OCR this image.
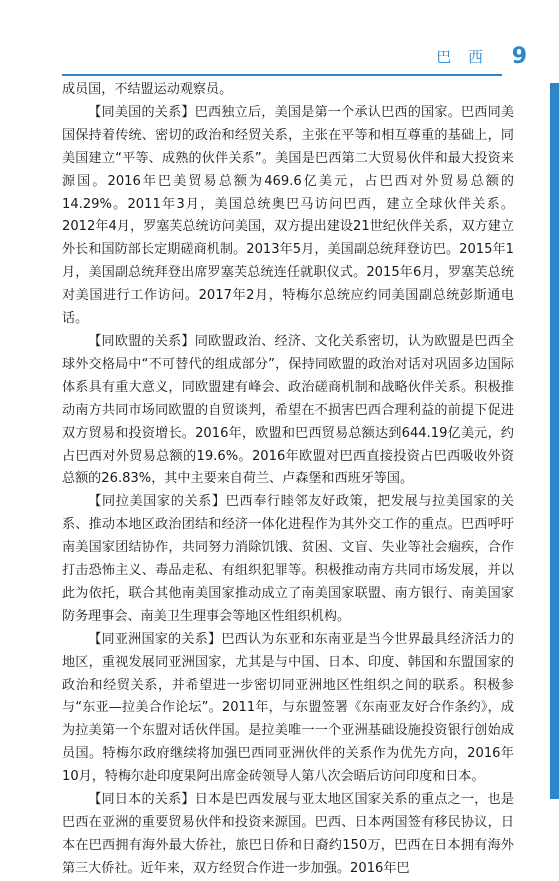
巴 西 9

成员国，不结盟运动观察员。

【同美国的关系】巴西独立后，美国是第一个承认巴西的国家。巴西同美国保持着传统、密切的政治和经贸关系，主张在平等和相互尊重的基础上，同美国建立“平等、成熟的伙伴关系”。美国是巴西第二大贸易伙伴和最大投资来源国。2016年巴美贸易总额为469.6亿美元，占巴西对外贸易总额的14.29%。2011年3月，美国总统奥巴马访问巴西，建立全球伙伴关系。2012年4月，罗塞芙总统访问美国，双方提出建设21世纪伙伴关系，双方建立外长和国防部长定期磋商机制。2013年5月，美国副总统拜登访巴。2015年1月，美国副总统拜登出席罗塞芙总统连任就职仪式。2015年6月，罗塞芙总统对美国进行工作访问。2017年2月，特梅尔总统应约同美国副总统彭斯通电话。

【同欧盟的关系】同欧盟政治、经济、文化关系密切，认为欧盟是巴西全球外交格局中“不可替代的组成部分”，保持同欧盟的政治对话对巩固多边国际体系具有重大意义，同欧盟建有峰会、政治磋商机制和战略伙伴关系。积极推动南方共同市场同欧盟的自贸谈判，希望在不损害巴西合理利益的前提下促进双方贸易和投资增长。2016年，欧盟和巴西贸易总额达到644.19亿美元，约占巴西对外贸易总额的19.6%。2016年欧盟对巴西直接投资占巴西吸收外资总额的26.83%，其中主要来自荷兰、卢森堡和西班牙等国。

【同拉美国家的关系】巴西奉行睦邻友好政策，把发展与拉美国家的关系、推动本地区政治团结和经济一体化进程作为其外交工作的重点。巴西呼吁南美国家团结协作，共同努力消除饥饿、贫困、文盲、失业等社会痼疾，合作打击恐怖主义、毒品走私、有组织犯罪等。积极推动南方共同市场发展，并以此为依托，联合其他南美国家推动成立了南美国家联盟、南方银行、南美国家防务理事会、南美卫生理事会等地区性组织机构。

【同亚洲国家的关系】巴西认为东亚和东南亚是当今世界最具经济活力的地区，重视发展同亚洲国家，尤其是与中国、日本、印度、韩国和东盟国家的政治和经贸关系，并希望进一步密切同亚洲地区性组织之间的联系。积极参与“东亚—拉美合作论坛”。2011年，与东盟签署《东南亚友好合作条约》，成为拉美第一个东盟对话伙伴国。是拉美唯一一个亚洲基础设施投资银行创始成员国。特梅尔政府继续将加强巴西同亚洲伙伴的关系作为优先方向，2016年10月，特梅尔赴印度果阿出席金砖领导人第八次会晤后访问印度和日本。

【同日本的关系】日本是巴西发展与亚太地区国家关系的重点之一，也是巴西在亚洲的重要贸易伙伴和投资来源国。巴西、日本两国签有移民协议，日本在巴西拥有海外最大侨社，旅巴日侨和日裔约150万，巴西在日本拥有海外第三大侨社。近年来，双方经贸合作进一步加强。2016年巴
